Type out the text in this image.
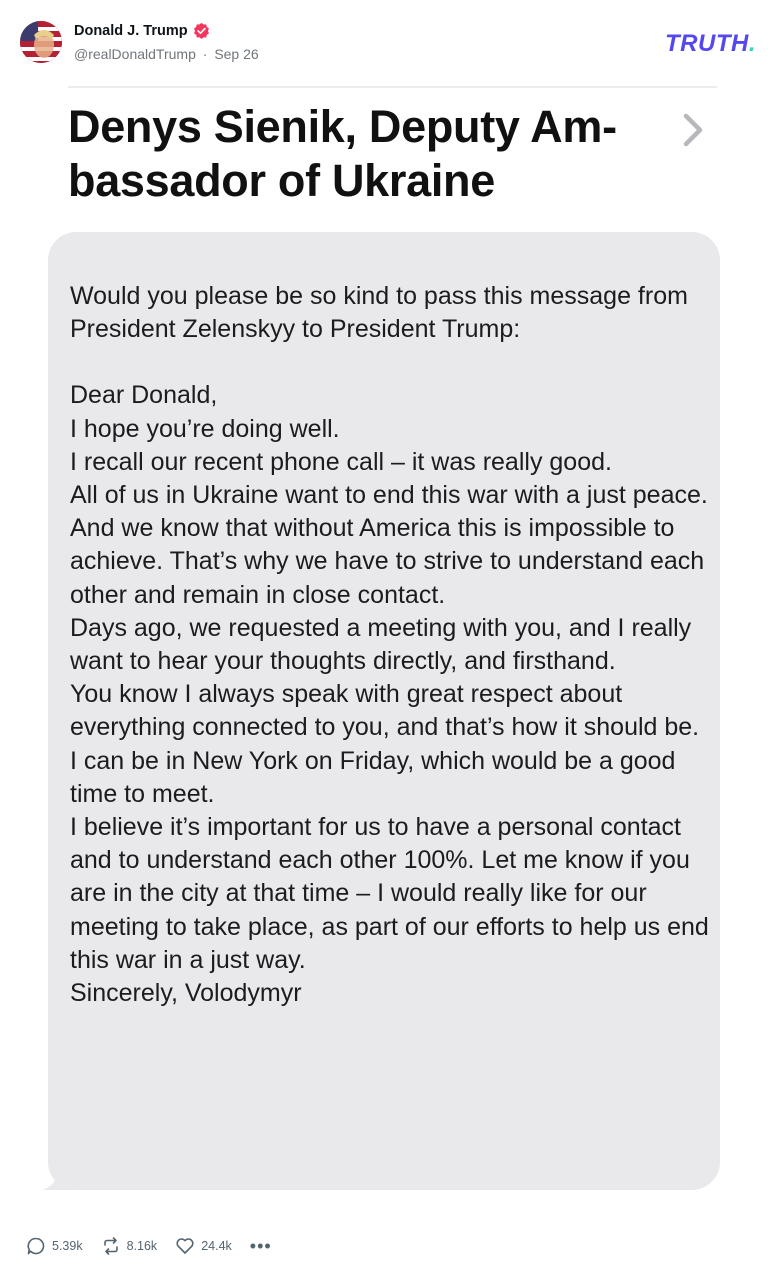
Donald J. Trump
@realDonaldTrump · Sep 26	TRUTH.
Denys Sienik, Deputy Am-bassador of Ukraine

Would you please be so kind to pass this message from President Zelenskyy to President Trump:

Dear Donald,

I hope you’re doing well.

I recall our recent phone call – it was really good.

All of us in Ukraine want to end this war with a just peace. And we know that without America this is impossible to achieve. That’s why we have to strive to understand each other and remain in close contact.

Days ago, we requested a meeting with you, and I really want to hear your thoughts directly, and firsthand.

You know I always speak with great respect about everything connected to you, and that’s how it should be. I can be in New York on Friday, which would be a good time to meet.

I believe it’s important for us to have a personal contact and to understand each other 100%. Let me know if you are in the city at that time – I would really like for our meeting to take place, as part of our efforts to help us end this war in a just way.

Sincerely, Volodymyr

5.39k	8.16k	24.4k •••
